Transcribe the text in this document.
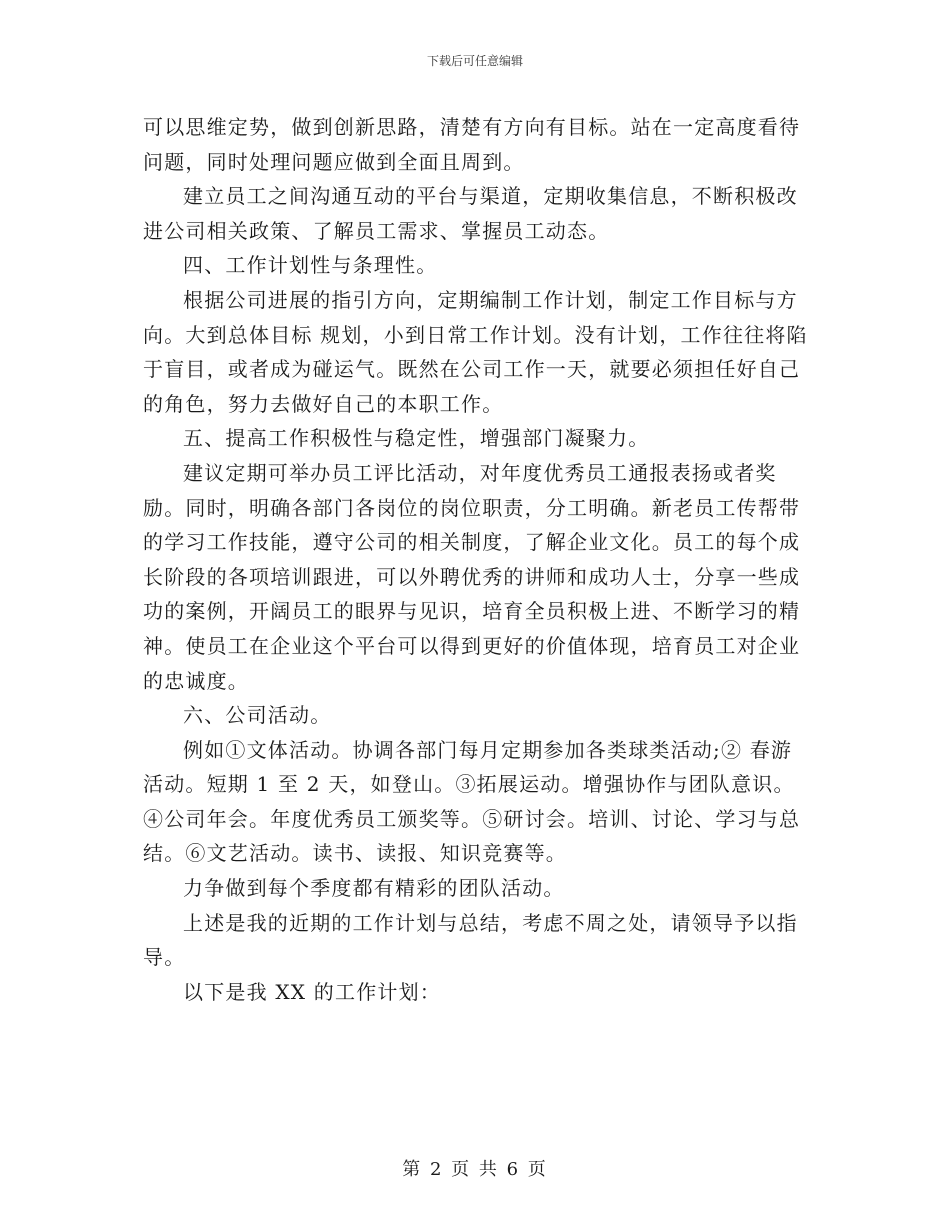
下载后可任意编辑

可以思维定势，做到创新思路，清楚有方向有目标。站在一定高度看待问题，同时处理问题应做到全面且周到。

建立员工之间沟通互动的平台与渠道，定期收集信息，不断积极改进公司相关政策、了解员工需求、掌握员工动态。

四、工作计划性与条理性。

根据公司进展的指引方向，定期编制工作计划，制定工作目标与方向。大到总体目标 规划，小到日常工作计划。没有计划，工作往往将陷于盲目，或者成为碰运气。既然在公司工作一天，就要必须担任好自己的角色，努力去做好自己的本职工作。

五、提高工作积极性与稳定性，增强部门凝聚力。

建议定期可举办员工评比活动，对年度优秀员工通报表扬或者奖励。同时，明确各部门各岗位的岗位职责，分工明确。新老员工传帮带的学习工作技能，遵守公司的相关制度，了解企业文化。员工的每个成长阶段的各项培训跟进，可以外聘优秀的讲师和成功人士，分享一些成功的案例，开阔员工的眼界与见识，培育全员积极上进、不断学习的精神。使员工在企业这个平台可以得到更好的价值体现，培育员工对企业的忠诚度。

六、公司活动。

例如①文体活动。协调各部门每月定期参加各类球类活动;② 春游活动。短期 1 至 2 天，如登山。③拓展运动。增强协作与团队意识。④公司年会。年度优秀员工颁奖等。⑤研讨会。培训、讨论、学习与总结。⑥文艺活动。读书、读报、知识竞赛等。

力争做到每个季度都有精彩的团队活动。

上述是我的近期的工作计划与总结，考虑不周之处，请领导予以指导。

以下是我 XX 的工作计划：

第 2 页 共 6 页
